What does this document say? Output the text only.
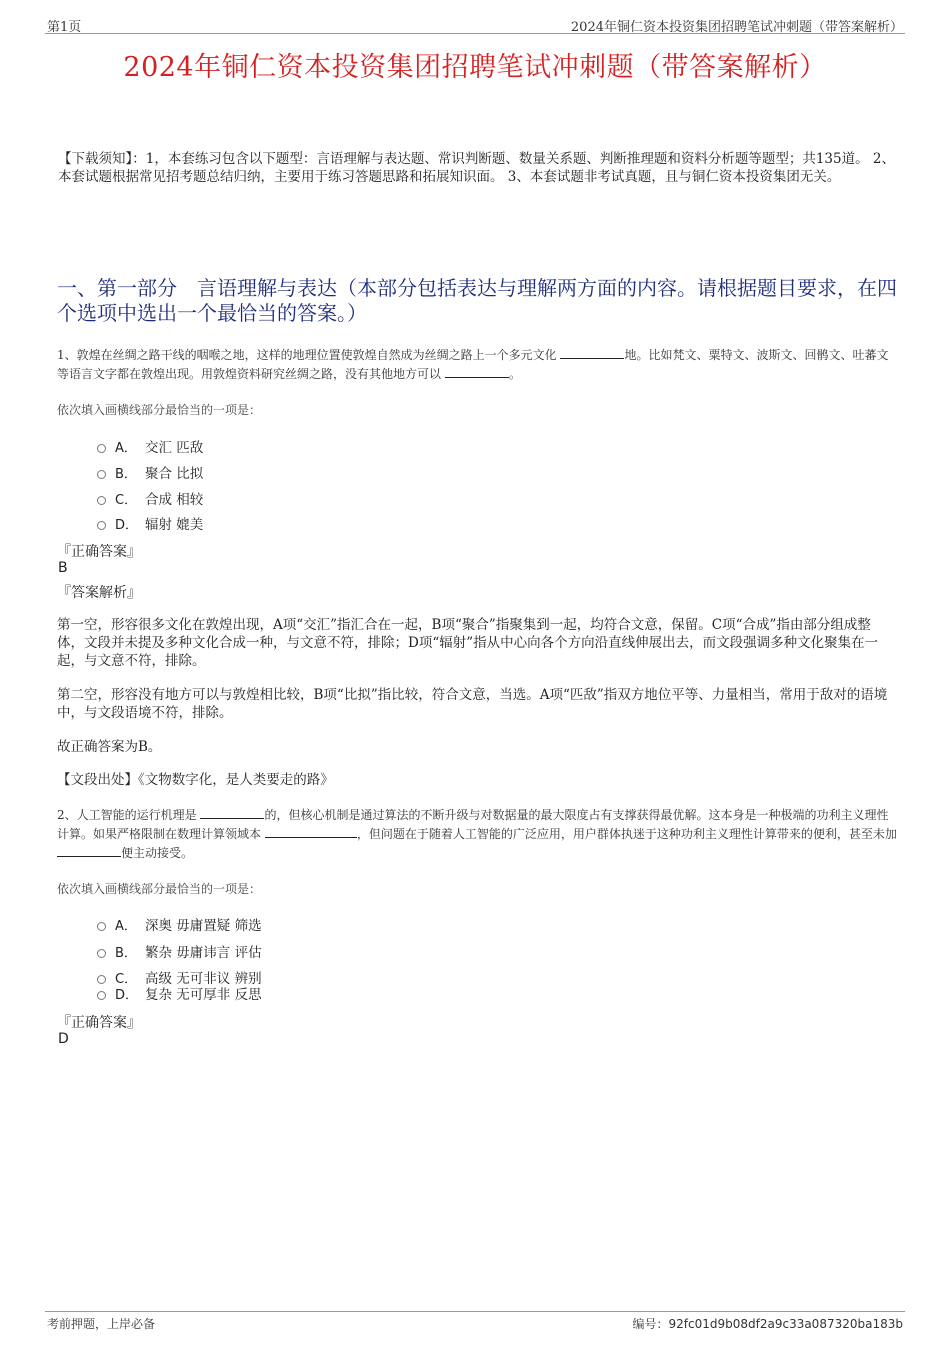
第1页	2024年铜仁资本投资集团招聘笔试冲刺题（带答案解析）
2024年铜仁资本投资集团招聘笔试冲刺题（带答案解析）
【下载须知】：1，本套练习包含以下题型：言语理解与表达题、常识判断题、数量关系题、判断推理题和资料分析题等题型；共135道。 2、本套试题根据常见招考题总结归纳，主要用于练习答题思路和拓展知识面。 3、本套试题非考试真题，且与铜仁资本投资集团无关。
一、第一部分　言语理解与表达（本部分包括表达与理解两方面的内容。请根据题目要求，在四个选项中选出一个最恰当的答案。）
1、敦煌在丝绸之路干线的咽喉之地，这样的地理位置使敦煌自然成为丝绸之路上一个多元文化	地。比如梵文、粟特文、波斯文、回鹘文、吐蕃文等语言文字都在敦煌出现。用敦煌资料研究丝绸之路，没有其他地方可以	。
依次填入画横线部分最恰当的一项是：
A． 交汇 匹敌
B． 聚合 比拟
C． 合成 相较
D． 辐射 媲美
『正确答案』
B
『答案解析』
第一空，形容很多文化在敦煌出现，A项“交汇”指汇合在一起，B项“聚合”指聚集到一起，均符合文意，保留。C项“合成”指由部分组成整体，文段并未提及多种文化合成一种，与文意不符，排除；D项“辐射”指从中心向各个方向沿直线伸展出去，而文段强调多种文化聚集在一起，与文意不符，排除。
第二空，形容没有地方可以与敦煌相比较，B项“比拟”指比较，符合文意，当选。A项“匹敌”指双方地位平等、力量相当，常用于敌对的语境中，与文段语境不符，排除。
故正确答案为B。
【文段出处】《文物数字化，是人类要走的路》
2、人工智能的运行机理是	的，但核心机制是通过算法的不断升级与对数据量的最大限度占有支撑获得最优解。这本身是一种极端的功利主义理性计算。如果严格限制在数理计算领域本	，但问题在于随着人工智能的广泛应用，用户群体执迷于这种功利主义理性计算带来的便利，甚至未加 便主动接受。
依次填入画横线部分最恰当的一项是：
A． 深奥 毋庸置疑 筛选
B． 繁杂 毋庸讳言 评估
C． 高级 无可非议 辨别
D． 复杂 无可厚非 反思
『正确答案』
D
考前押题，上岸必备	编号：92fc01d9b08df2a9c33a087320ba183b
